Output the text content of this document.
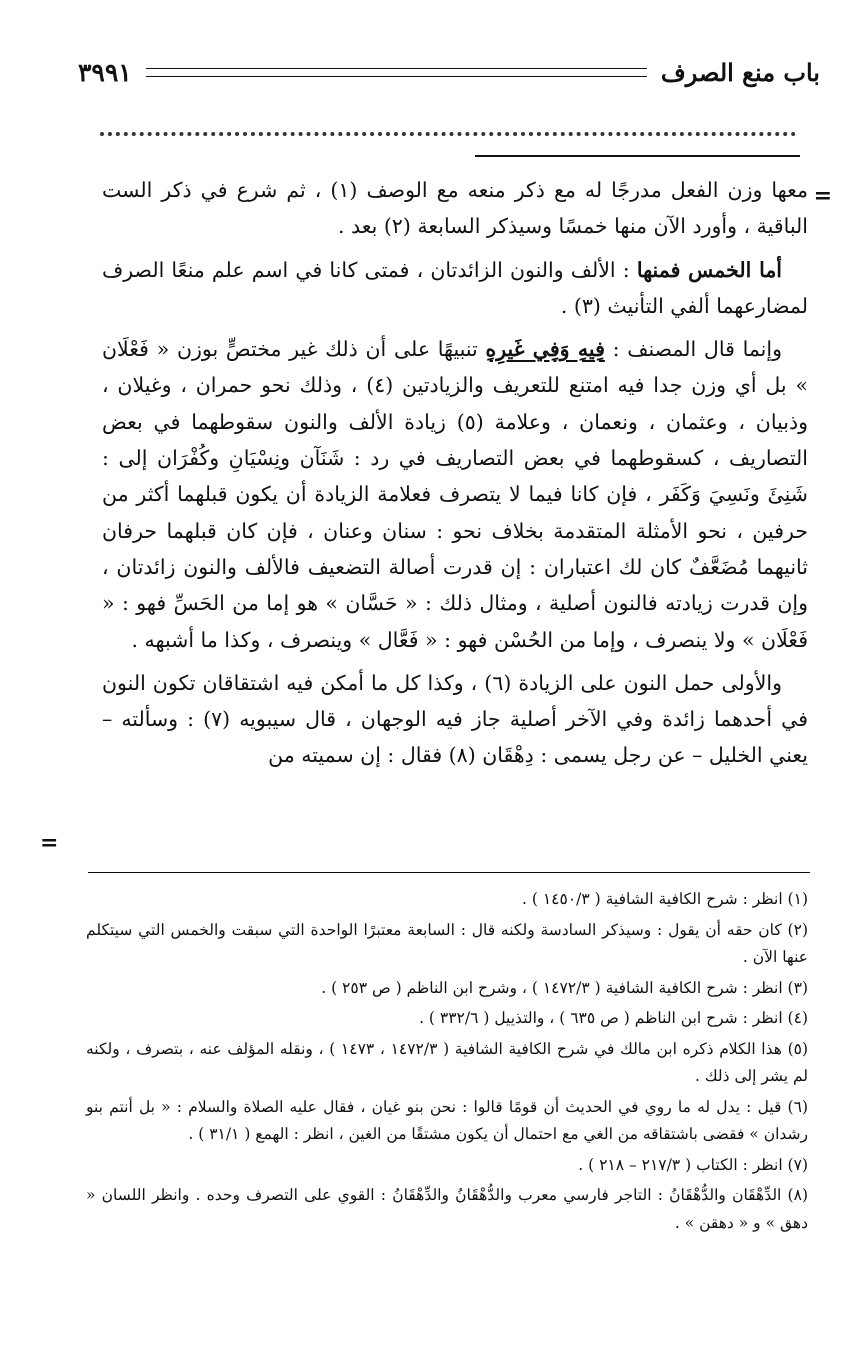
باب منع الصرف
٣٩٩١
=

معها وزن الفعل مدرجًا له مع ذكر منعه مع الوصف (١) ، ثم شرع في ذكر الست الباقية ، وأورد الآن منها خمسًا وسيذكر السابعة (٢) بعد .

أما الخمس فمنها : الألف والنون الزائدتان ، فمتى كانا في اسم علم منعًا الصرف لمضارعهما ألفي التأنيث (٣) .

وإنما قال المصنف : فِيهِ وَفِي غَيرِهِ تنبيهًا على أن ذلك غير مختصٍّ بوزن « فَعْلَان » بل أي وزن جدا فيه امتنع للتعريف والزيادتين (٤) ، وذلك نحو حمران ، وغيلان ، وذبيان ، وعثمان ، ونعمان ، وعلامة (٥) زيادة الألف والنون سقوطهما في بعض التصاريف ، كسقوطهما في بعض التصاريف في رد : شَنَآن ونِسْيَانِ وكُفْرَان إلى : شَنِئَ ونَسِيَ وَكَفَر ، فإن كانا فيما لا يتصرف فعلامة الزيادة أن يكون قبلهما أكثر من حرفين ، نحو الأمثلة المتقدمة بخلاف نحو : سنان وعنان ، فإن كان قبلهما حرفان ثانيهما مُضَعَّفٌ كان لك اعتباران : إن قدرت أصالة التضعيف فالألف والنون زائدتان ، وإن قدرت زيادته فالنون أصلية ، ومثال ذلك : « حَسَّان » هو إما من الحَسِّ فهو : « فَعْلَان » ولا ينصرف ، وإما من الحُسْن فهو : « فَعَّال » وينصرف ، وكذا ما أشبهه .

والأولى حمل النون على الزيادة (٦) ، وكذا كل ما أمكن فيه اشتقاقان تكون النون في أحدهما زائدة وفي الآخر أصلية جاز فيه الوجهان ، قال سيبويه (٧) : وسألته – يعني الخليل – عن رجل يسمى : دِهْقَان (٨) فقال : إن سميته من

=

(١) انظر : شرح الكافية الشافية ( ١٤٥٠/٣ ) .

(٢) كان حقه أن يقول : وسيذكر السادسة ولكنه قال : السابعة معتبرًا الواحدة التي سبقت والخمس التي سيتكلم عنها الآن .

(٣) انظر : شرح الكافية الشافية ( ١٤٧٢/٣ ) ، وشرح ابن الناظم ( ص ٢٥٣ ) .

(٤) انظر : شرح ابن الناظم ( ص ٦٣٥ ) ، والتذييل ( ٣٣٢/٦ ) .

(٥) هذا الكلام ذكره ابن مالك في شرح الكافية الشافية ( ١٤٧٢/٣ ، ١٤٧٣ ) ، ونقله المؤلف عنه ، بتصرف ، ولكنه لم يشر إلى ذلك .

(٦) قيل : يدل له ما روي في الحديث أن قومًا قالوا : نحن بنو غيان ، فقال عليه الصلاة والسلام : « بل أنتم بنو رشدان » فقضى باشتقاقه من الغي مع احتمال أن يكون مشتقًا من الغين ، انظر : الهمع ( ٣١/١ ) .

(٧) انظر : الكتاب ( ٢١٧/٣ – ٢١٨ ) .

(٨) الدِّهْقَان والدُّهْقَانُ : التاجر فارسي معرب والدُّهْقَانُ والدِّهْقَانُ : القوي على التصرف وحده . وانظر اللسان « دهق » و « دهقن » .
